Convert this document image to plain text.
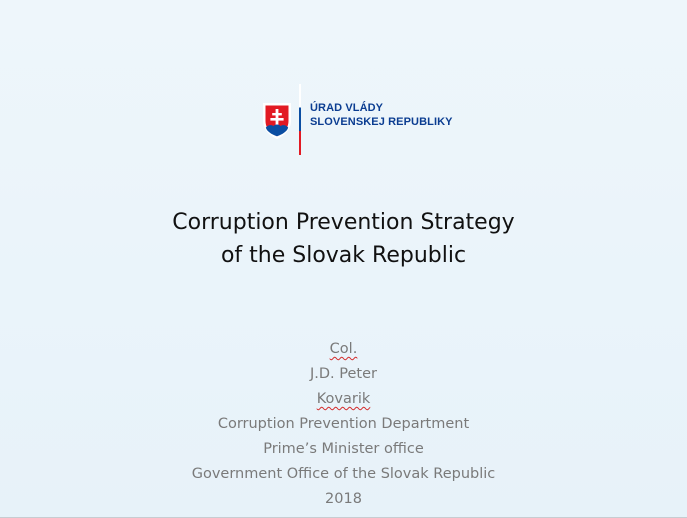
ÚRAD VLÁDY
SLOVENSKEJ REPUBLIKY
Corruption Prevention Strategy
of the Slovak Republic
Col.
J.D. Peter
Kovarik
Corruption Prevention Department
Prime’s Minister office
Government Office of the Slovak Republic
2018
